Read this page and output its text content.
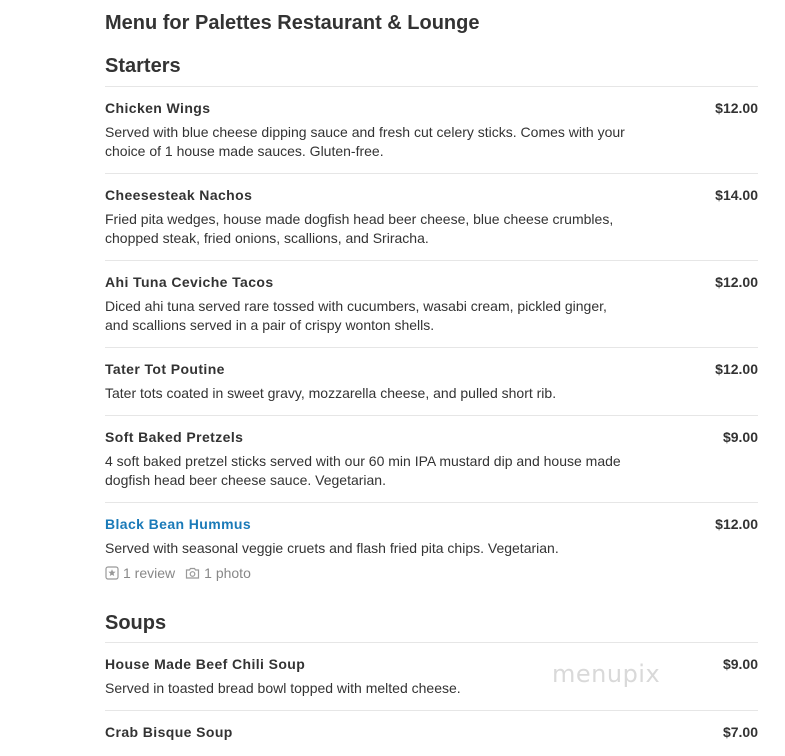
Menu for Palettes Restaurant & Lounge
Starters
Chicken Wings	$12.00
Served with blue cheese dipping sauce and fresh cut celery sticks. Comes with your choice of 1 house made sauces. Gluten-free.
Cheesesteak Nachos	$14.00
Fried pita wedges, house made dogfish head beer cheese, blue cheese crumbles, chopped steak, fried onions, scallions, and Sriracha.
Ahi Tuna Ceviche Tacos	$12.00
Diced ahi tuna served rare tossed with cucumbers, wasabi cream, pickled ginger, and scallions served in a pair of crispy wonton shells.
Tater Tot Poutine	$12.00
Tater tots coated in sweet gravy, mozzarella cheese, and pulled short rib.
Soft Baked Pretzels	$9.00
4 soft baked pretzel sticks served with our 60 min IPA mustard dip and house made dogfish head beer cheese sauce. Vegetarian.
Black Bean Hummus	$12.00
Served with seasonal veggie cruets and flash fried pita chips. Vegetarian.
1 review 1 photo
Soups
House Made Beef Chili Soup	$9.00
Served in toasted bread bowl topped with melted cheese.
Crab Bisque Soup	$7.00
menupix
